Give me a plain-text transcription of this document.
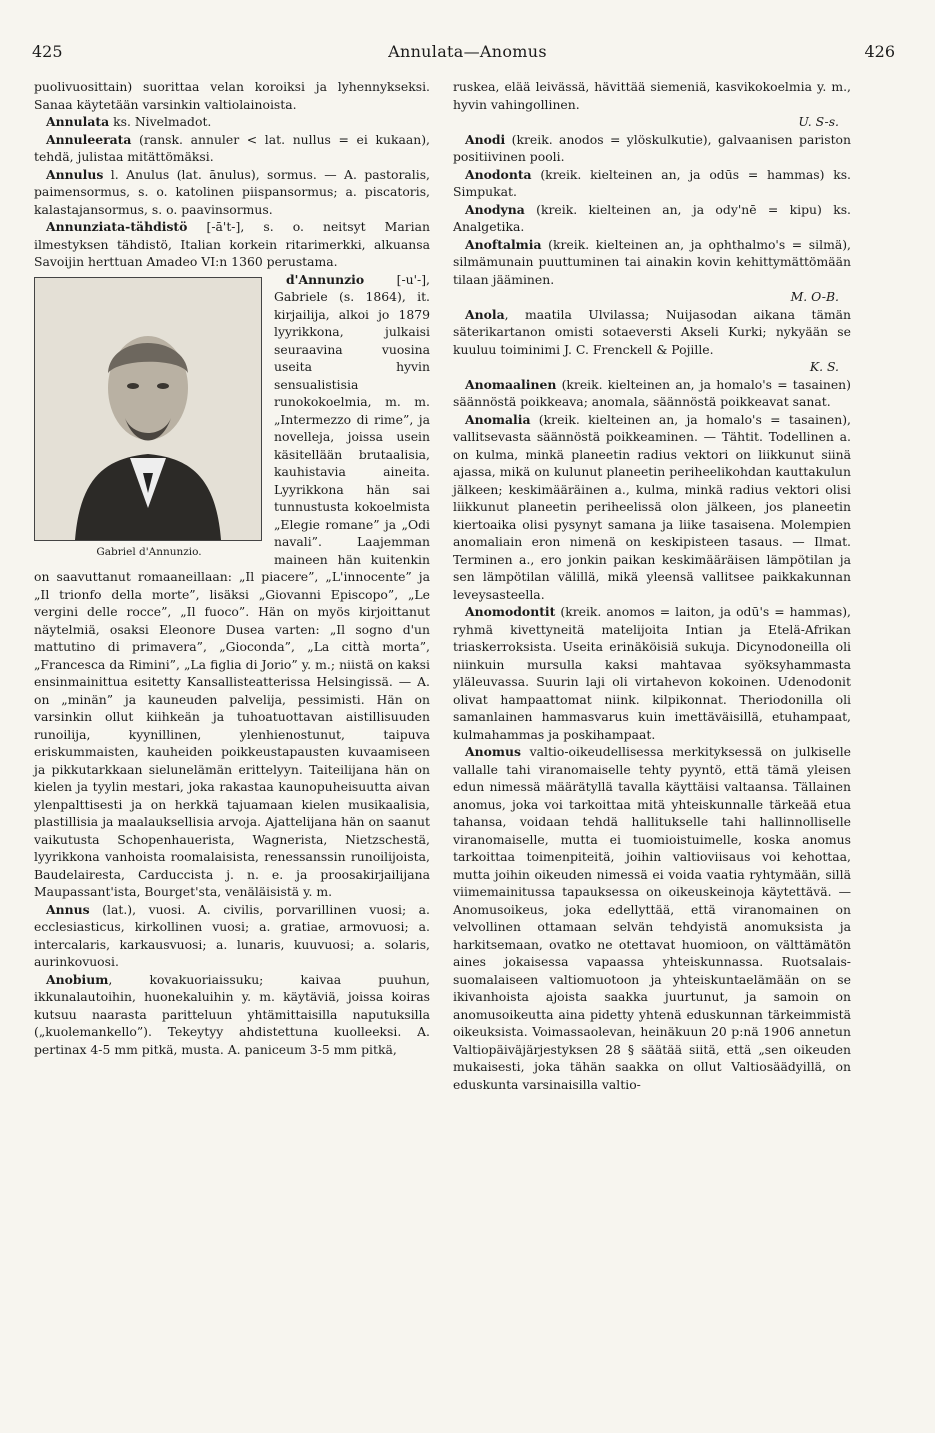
425	Annulata—Anomus	426

puolivuosittain) suorittaa velan koroiksi ja lyhennykseksi. Sanaa käytetään varsinkin valtiolainoista.

Annulata ks. Nivelmadot.

Annuleerata (ransk. annuler < lat. nullus = ei kukaan), tehdä, julistaa mitättömäksi.

Annulus l. Anulus (lat. ānulus), sormus. — A. pastoralis, paimensormus, s. o. katolinen piispansormus; a. piscatoris, kalastajansormus, s. o. paavinsormus.

Annunziata-tähdistö [-ā't-], s. o. neitsyt Marian ilmestyksen tähdistö, Italian korkein ritarimerkki, alkuansa Savoijin herttuan Amadeo VI:n 1360 perustama.

Gabriel d'Annunzio.

d'Annunzio [-u'-], Gabriele (s. 1864), it. kirjailija, alkoi jo 1879 lyyrikkona, julkaisi seuraavina vuosina useita hyvin sensualistisia runokokoelmia, m. m. „Intermezzo di rime”, ja novelleja, joissa usein käsitellään brutaalisia, kauhistavia aineita. Lyyrikkona hän sai tunnustusta kokoelmista „Elegie romane” ja „Odi navali”. Laajemman maineen hän kuitenkin on saavuttanut romaaneillaan: „Il piacere”, „L'innocente” ja „Il trionfo della morte”, lisäksi „Giovanni Episcopo”, „Le vergini delle rocce”, „Il fuoco”. Hän on myös kirjoittanut näytelmiä, osaksi Eleonore Dusea varten: „Il sogno d'un mattutino di primavera”, „Gioconda”, „La città morta”, „Francesca da Rimini”, „La figlia di Jorio” y. m.; niistä on kaksi ensinmainittua esitetty Kansallisteatterissa Helsingissä. — A. on „minän” ja kauneuden palvelija, pessimisti. Hän on varsinkin ollut kiihkeän ja tuhoatuottavan aistillisuuden runoilija, kyynillinen, ylenhienostunut, taipuva eriskummaisten, kauheiden poikkeustapausten kuvaamiseen ja pikkutarkkaan sielunelämän erittelyyn. Taiteilijana hän on kielen ja tyylin mestari, joka rakastaa kaunopuheisuutta aivan ylenpalttisesti ja on herkkä tajuamaan kielen musikaalisia, plastillisia ja maalauksellisia arvoja. Ajattelijana hän on saanut vaikutusta Schopenhauerista, Wagnerista, Nietzschestä, lyyrikkona vanhoista roomalaisista, renessanssin runoilijoista, Baudelairesta, Carduccista j. n. e. ja proosakirjailijana Maupassant'ista, Bourget'sta, venäläisistä y. m.

Annus (lat.), vuosi. A. civilis, porvarillinen vuosi; a. ecclesiasticus, kirkollinen vuosi; a. gratiae, armovuosi; a. intercalaris, karkausvuosi; a. lunaris, kuuvuosi; a. solaris, aurinkovuosi.

Anobium, kovakuoriaissuku; kaivaa puuhun, ikkunalautoihin, huonekaluihin y. m. käytäviä, joissa koiras kutsuu naarasta paritteluun yhtämittaisilla naputuksilla („kuolemankello”). Tekeytyy ahdistettuna kuolleeksi. A. pertinax 4-5 mm pitkä, musta. A. paniceum 3-5 mm pitkä,

ruskea, elää leivässä, hävittää siemeniä, kasvikokoelmia y. m., hyvin vahingollinen.

U. S-s.

Anodi (kreik. anodos = ylöskulkutie), galvaanisen pariston positiivinen pooli.

Anodonta (kreik. kielteinen an, ja odūs = hammas) ks. Simpukat.

Anodyna (kreik. kielteinen an, ja ody'nē = kipu) ks. Analgetika.

Anoftalmia (kreik. kielteinen an, ja ophthalmo's = silmä), silmämunain puuttuminen tai ainakin kovin kehittymättömään tilaan jääminen.

M. O-B.

Anola, maatila Ulvilassa; Nuijasodan aikana tämän säterikartanon omisti sotaeversti Akseli Kurki; nykyään se kuuluu toiminimi J. C. Frenckell & Pojille.

K. S.

Anomaalinen (kreik. kielteinen an, ja homalo's = tasainen) säännöstä poikkeava; anomala, säännöstä poikkeavat sanat.

Anomalia (kreik. kielteinen an, ja homalo's = tasainen), vallitsevasta säännöstä poikkeaminen. — Tähtit. Todellinen a. on kulma, minkä planeetin radius vektori on liikkunut siinä ajassa, mikä on kulunut planeetin periheelikohdan kauttakulun jälkeen; keskimääräinen a., kulma, minkä radius vektori olisi liikkunut planeetin periheelissä olon jälkeen, jos planeetin kiertoaika olisi pysynyt samana ja liike tasaisena. Molempien anomaliain eron nimenä on keskipisteen tasaus. — Ilmat. Terminen a., ero jonkin paikan keskimääräisen lämpötilan ja sen lämpötilan välillä, mikä yleensä vallitsee paikkakunnan leveysasteella.

Anomodontit (kreik. anomos = laiton, ja odū's = hammas), ryhmä kivettyneitä matelijoita Intian ja Etelä-Afrikan triaskerroksista. Useita erinäköisiä sukuja. Dicynodoneilla oli niinkuin mursulla kaksi mahtavaa syöksyhammasta yläleuvassa. Suurin laji oli virtahevon kokoinen. Udenodonit olivat hampaattomat niink. kilpikonnat. Theriodonilla oli samanlainen hammasvarus kuin imettäväisillä, etuhampaat, kulmahammas ja poskihampaat.

Anomus valtio-oikeudellisessa merkityksessä on julkiselle vallalle tahi viranomaiselle tehty pyyntö, että tämä yleisen edun nimessä määrätyllä tavalla käyttäisi valtaansa. Tällainen anomus, joka voi tarkoittaa mitä yhteiskunnalle tärkeää etua tahansa, voidaan tehdä hallitukselle tahi hallinnolliselle viranomaiselle, mutta ei tuomioistuimelle, koska anomus tarkoittaa toimenpiteitä, joihin valtioviisaus voi kehottaa, mutta joihin oikeuden nimessä ei voida vaatia ryhtymään, sillä viimemainitussa tapauksessa on oikeuskeinoja käytettävä. — Anomusoikeus, joka edellyttää, että viranomainen on velvollinen ottamaan selvän tehdyistä anomuksista ja harkitsemaan, ovatko ne otettavat huomioon, on välttämätön aines jokaisessa vapaassa yhteiskunnassa. Ruotsalais-suomalaiseen valtiomuotoon ja yhteiskuntaelämään on se ikivanhoista ajoista saakka juurtunut, ja samoin on anomusoikeutta aina pidetty yhtenä eduskunnan tärkeimmistä oikeuksista. Voimassaolevan, heinäkuun 20 p:nä 1906 annetun Valtiopäiväjärjestyksen 28 § säätää siitä, että „sen oikeuden mukaisesti, joka tähän saakka on ollut Valtiosäädyillä, on eduskunta varsinaisilla valtio-
